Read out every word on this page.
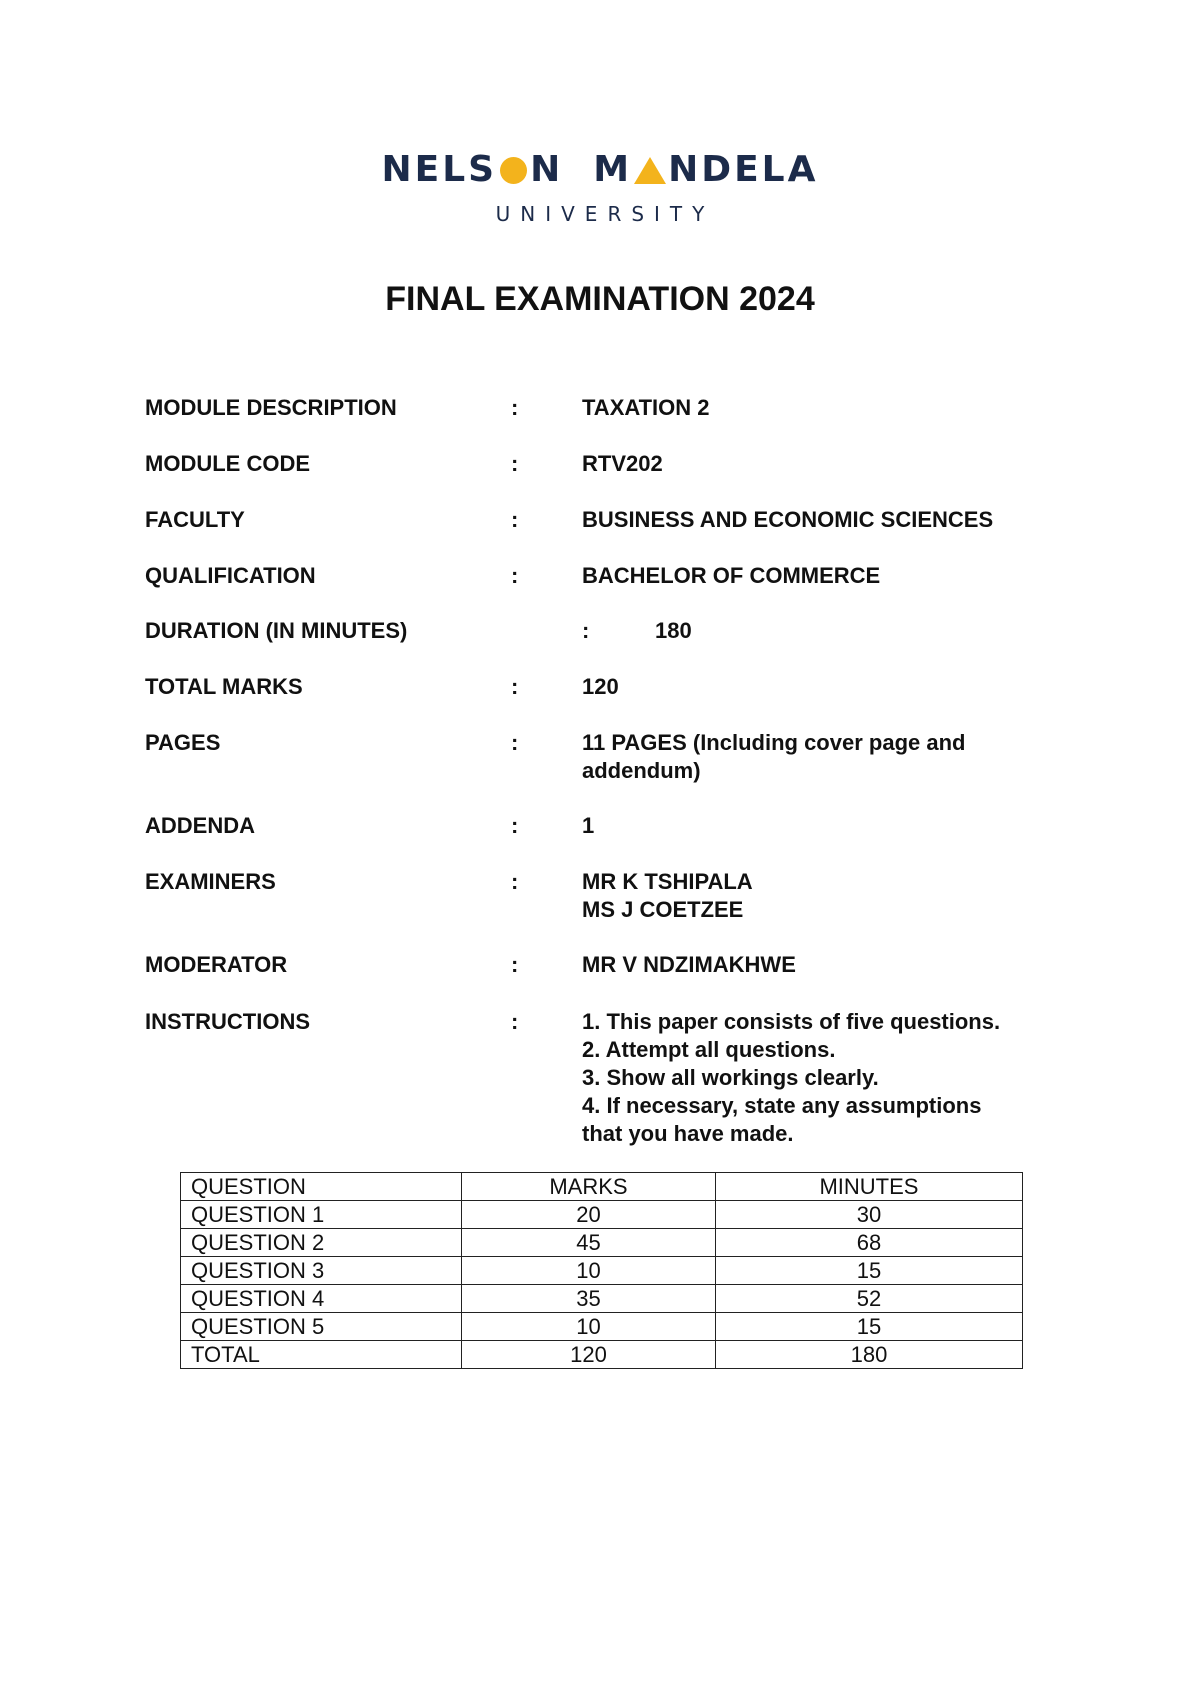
NELS N M NDELA
UNIVERSITY
FINAL EXAMINATION 2024
MODULE DESCRIPTION	:	TAXATION 2
MODULE CODE	:	RTV202
FACULTY	:	BUSINESS AND ECONOMIC SCIENCES
QUALIFICATION	:	BACHELOR OF COMMERCE
DURATION (IN MINUTES)	:	180
TOTAL MARKS	:	120
PAGES	:	11 PAGES (Including cover page and
addendum)
ADDENDA	:	1
EXAMINERS	:	MR K TSHIPALA
MS J COETZEE
MODERATOR	:	MR V NDZIMAKHWE
INSTRUCTIONS	:	1. This paper consists of five questions.
2. Attempt all questions.
3. Show all workings clearly.
4. If necessary, state any assumptions
that you have made.
QUESTION	MARKS	MINUTES
QUESTION 1	20	30
QUESTION 2	45	68
QUESTION 3	10	15
QUESTION 4	35	52
QUESTION 5	10	15
TOTAL	120	180
